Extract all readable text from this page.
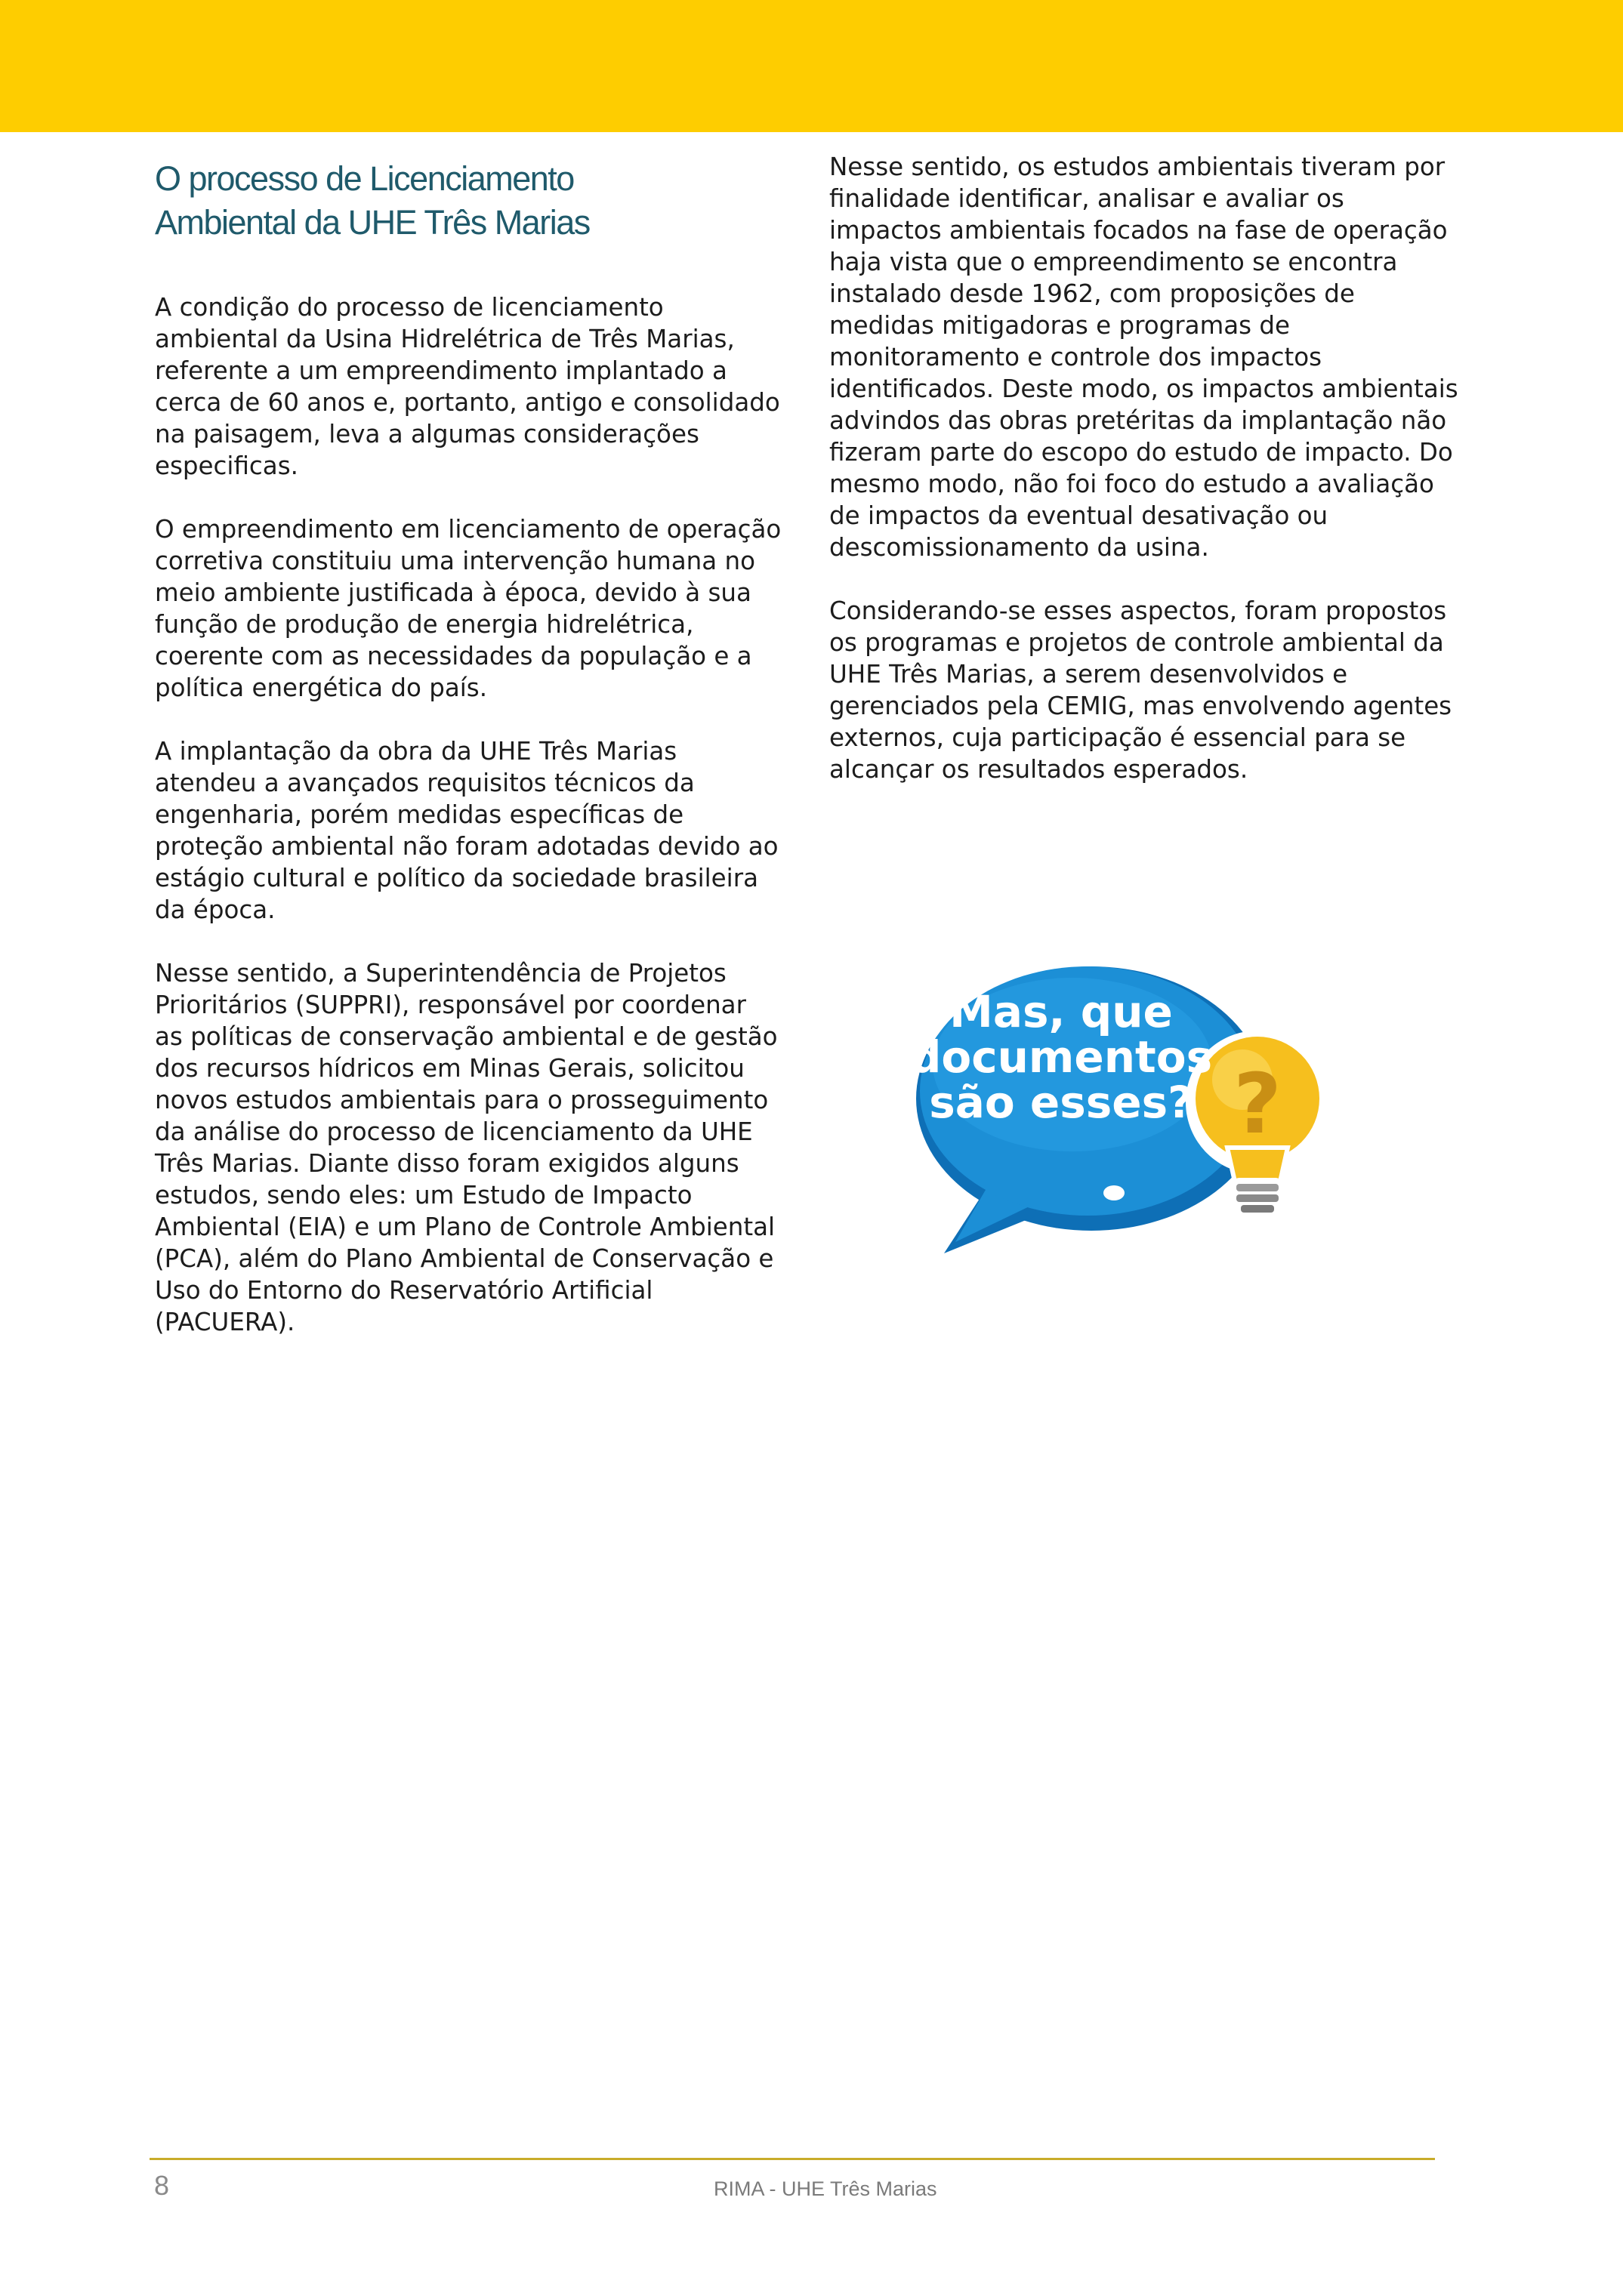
O processo de Licenciamento
Ambiental da UHE Três Marias

A condição do processo de licenciamento ambiental da Usina Hidrelétrica de Três Marias, referente a um empreendimento implantado a cerca de 60 anos e, portanto, antigo e consolidado na paisagem, leva a algumas considerações especificas.

O empreendimento em licenciamento de operação corretiva constituiu uma intervenção humana no meio ambiente justificada à época, devido à sua função de produção de energia hidrelétrica, coerente com as necessidades da população e a política energética do país.

A implantação da obra da UHE Três Marias atendeu a avançados requisitos técnicos da engenharia, porém medidas específicas de proteção ambiental não foram adotadas devido ao estágio cultural e político da sociedade brasileira da época.

Nesse sentido, a Superintendência de Projetos Prioritários (SUPPRI), responsável por coordenar as políticas de conservação ambiental e de gestão dos recursos hídricos em Minas Gerais, solicitou novos estudos ambientais para o prosseguimento da análise do processo de licenciamento da UHE Três Marias. Diante disso foram exigidos alguns estudos, sendo eles: um Estudo de Impacto Ambiental (EIA) e um Plano de Controle Ambiental (PCA), além do Plano Ambiental de Conservação e Uso do Entorno do Reservatório Artificial (PACUERA).

Nesse sentido, os estudos ambientais tiveram por finalidade identificar, analisar e avaliar os impactos ambientais focados na fase de operação haja vista que o empreendimento se encontra instalado desde 1962, com proposições de medidas mitigadoras e programas de monitoramento e controle dos impactos identificados. Deste modo, os impactos ambientais advindos das obras pretéritas da implantação não fizeram parte do escopo do estudo de impacto. Do mesmo modo, não foi foco do estudo a avaliação de impactos da eventual desativação ou descomissionamento da usina.

Considerando-se esses aspectos, foram propostos os programas e projetos de controle ambiental da UHE Três Marias, a serem desenvolvidos e gerenciados pela CEMIG, mas envolvendo agentes externos, cuja participação é essencial para se alcançar os resultados esperados.

?
Mas, que
documentos
são esses?
8	RIMA - UHE Três Marias
